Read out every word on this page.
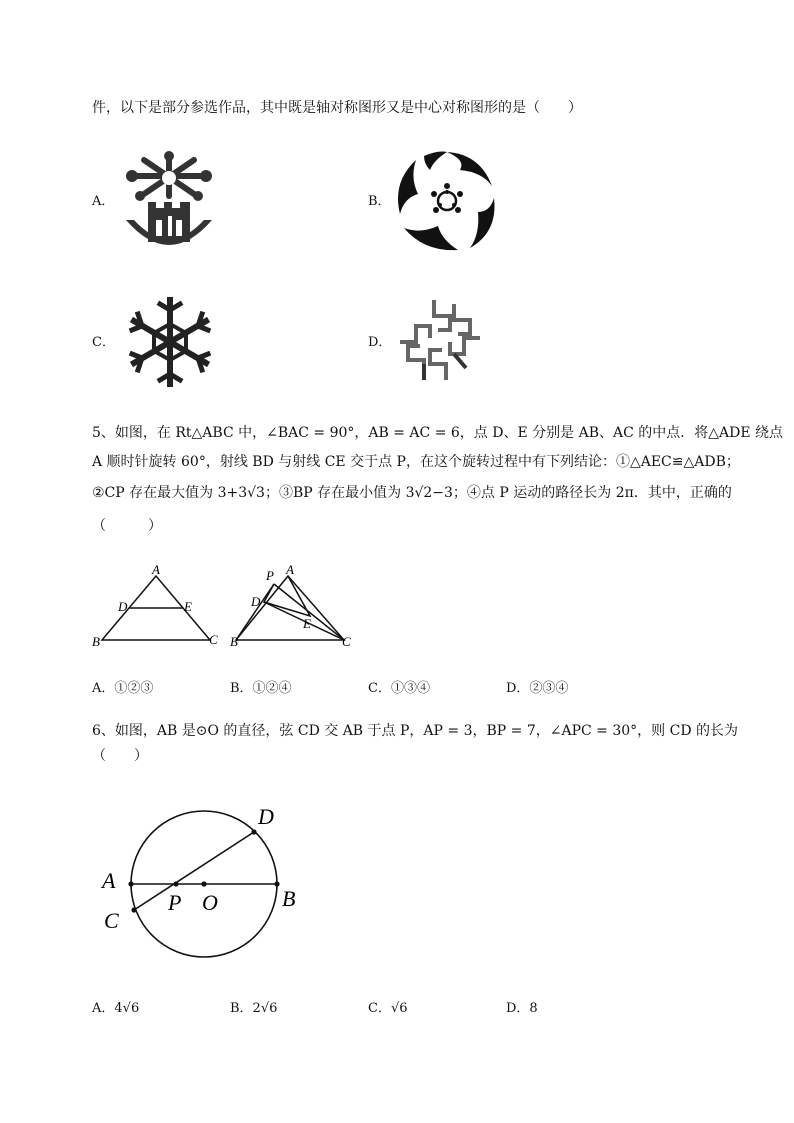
件，以下是部分参选作品，其中既是轴对称图形又是中心对称图形的是（　　）
A．	B．
C．	D．
5、如图，在 Rt△ABC 中，∠BAC = 90°，AB = AC = 6，点 D、E 分别是 AB、AC 的中点．将△ADE 绕点
A 顺时针旋转 60°，射线 BD 与射线 CE 交于点 P，在这个旋转过程中有下列结论：①△AEC≌△ADB；
②CP 存在最大值为 3+3√3；③BP 存在最小值为 3√2−3；④点 P 运动的路径长为 2π．其中，正确的
（　　　）
A
B	C
D	E
P A
B	C
D
E
A．①②③	B．①②④	C．①③④	D．②③④
6、如图，AB 是⊙O 的直径，弦 CD 交 AB 于点 P，AP = 3，BP = 7，∠APC = 30°，则 CD 的长为
（　　）
D
A
B
C
P O
A．4√6	B．2√6	C．√6	D．8
